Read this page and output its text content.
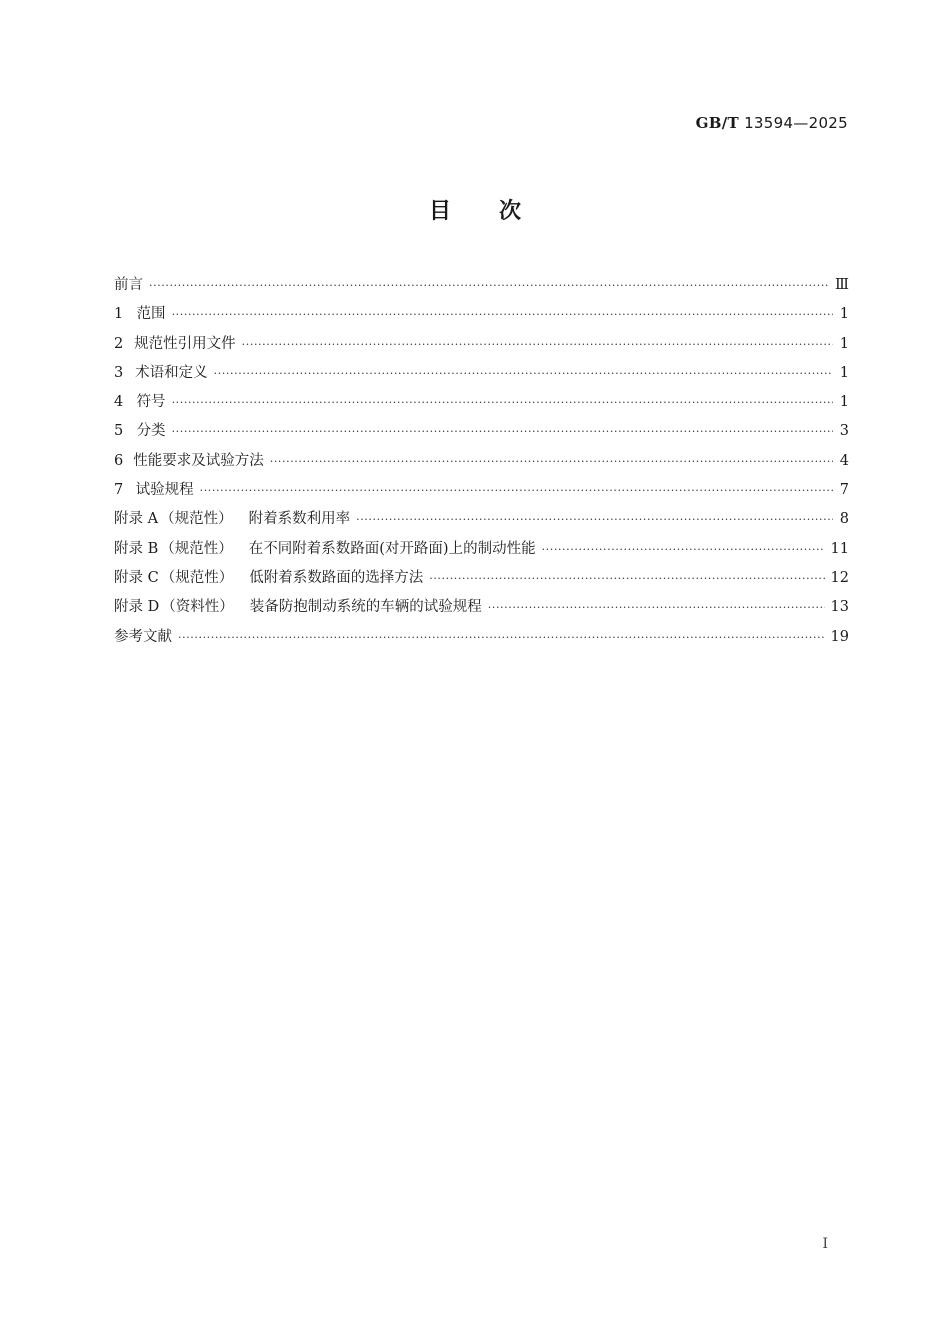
GB/T 13594—2025
目 次
前言 ·····	Ⅲ
1 范围 ·····	1
2 规范性引用文件 ·····	1
3 术语和定义 ·····	1
4 符号 ·····	1
5 分类 ·····	3
6 性能要求及试验方法 ·····	4
7 试验规程 ·····	7
附录 A （规范性） 附着系数利用率 ·····	8
附录 B （规范性） 在不同附着系数路面(对开路面)上的制动性能 ·····	11
附录 C （规范性） 低附着系数路面的选择方法 ·····	12
附录 D （资料性） 装备防抱制动系统的车辆的试验规程 ·····	13
参考文献 ·····	19
Ⅰ
